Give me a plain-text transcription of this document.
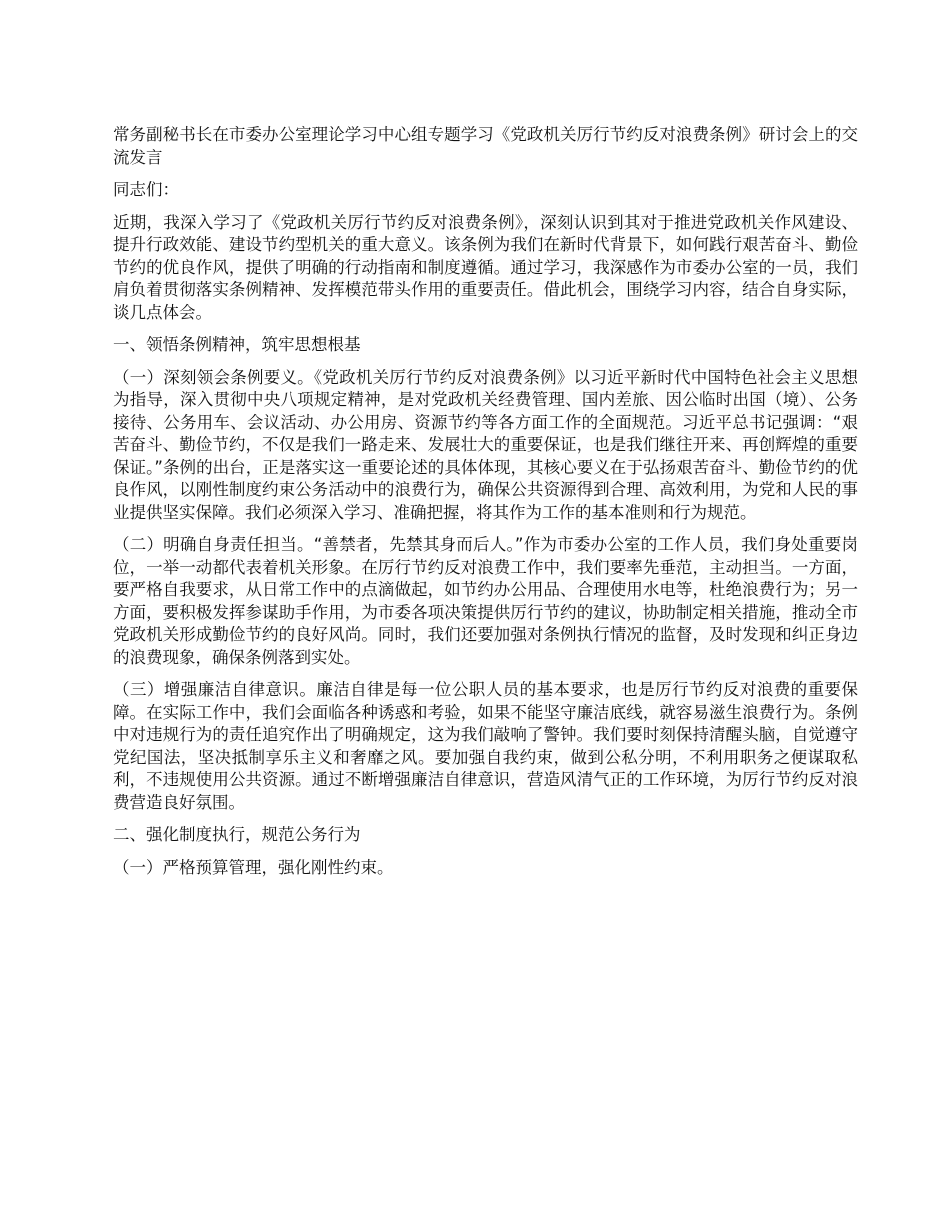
常务副秘书长在市委办公室理论学习中心组专题学习《党政机关厉行节约反对浪费条例》研讨会上的交流发言

同志们：

近期，我深入学习了《党政机关厉行节约反对浪费条例》，深刻认识到其对于推进党政机关作风建设、提升行政效能、建设节约型机关的重大意义。该条例为我们在新时代背景下，如何践行艰苦奋斗、勤俭节约的优良作风，提供了明确的行动指南和制度遵循。通过学习，我深感作为市委办公室的一员，我们肩负着贯彻落实条例精神、发挥模范带头作用的重要责任。借此机会，围绕学习内容，结合自身实际，谈几点体会。

一、领悟条例精神，筑牢思想根基

（一）深刻领会条例要义。《党政机关厉行节约反对浪费条例》以习近平新时代中国特色社会主义思想为指导，深入贯彻中央八项规定精神，是对党政机关经费管理、国内差旅、因公临时出国（境）、公务接待、公务用车、会议活动、办公用房、资源节约等各方面工作的全面规范。习近平总书记强调：“艰苦奋斗、勤俭节约，不仅是我们一路走来、发展壮大的重要保证，也是我们继往开来、再创辉煌的重要保证。”条例的出台，正是落实这一重要论述的具体体现，其核心要义在于弘扬艰苦奋斗、勤俭节约的优良作风，以刚性制度约束公务活动中的浪费行为，确保公共资源得到合理、高效利用，为党和人民的事业提供坚实保障。我们必须深入学习、准确把握，将其作为工作的基本准则和行为规范。

（二）明确自身责任担当。“善禁者，先禁其身而后人。”作为市委办公室的工作人员，我们身处重要岗位，一举一动都代表着机关形象。在厉行节约反对浪费工作中，我们要率先垂范，主动担当。一方面，要严格自我要求，从日常工作中的点滴做起，如节约办公用品、合理使用水电等，杜绝浪费行为；另一方面，要积极发挥参谋助手作用，为市委各项决策提供厉行节约的建议，协助制定相关措施，推动全市党政机关形成勤俭节约的良好风尚。同时，我们还要加强对条例执行情况的监督，及时发现和纠正身边的浪费现象，确保条例落到实处。

（三）增强廉洁自律意识。廉洁自律是每一位公职人员的基本要求，也是厉行节约反对浪费的重要保障。在实际工作中，我们会面临各种诱惑和考验，如果不能坚守廉洁底线，就容易滋生浪费行为。条例中对违规行为的责任追究作出了明确规定，这为我们敲响了警钟。我们要时刻保持清醒头脑，自觉遵守党纪国法，坚决抵制享乐主义和奢靡之风。要加强自我约束，做到公私分明，不利用职务之便谋取私利，不违规使用公共资源。通过不断增强廉洁自律意识，营造风清气正的工作环境，为厉行节约反对浪费营造良好氛围。

二、强化制度执行，规范公务行为

（一）严格预算管理，强化刚性约束。
